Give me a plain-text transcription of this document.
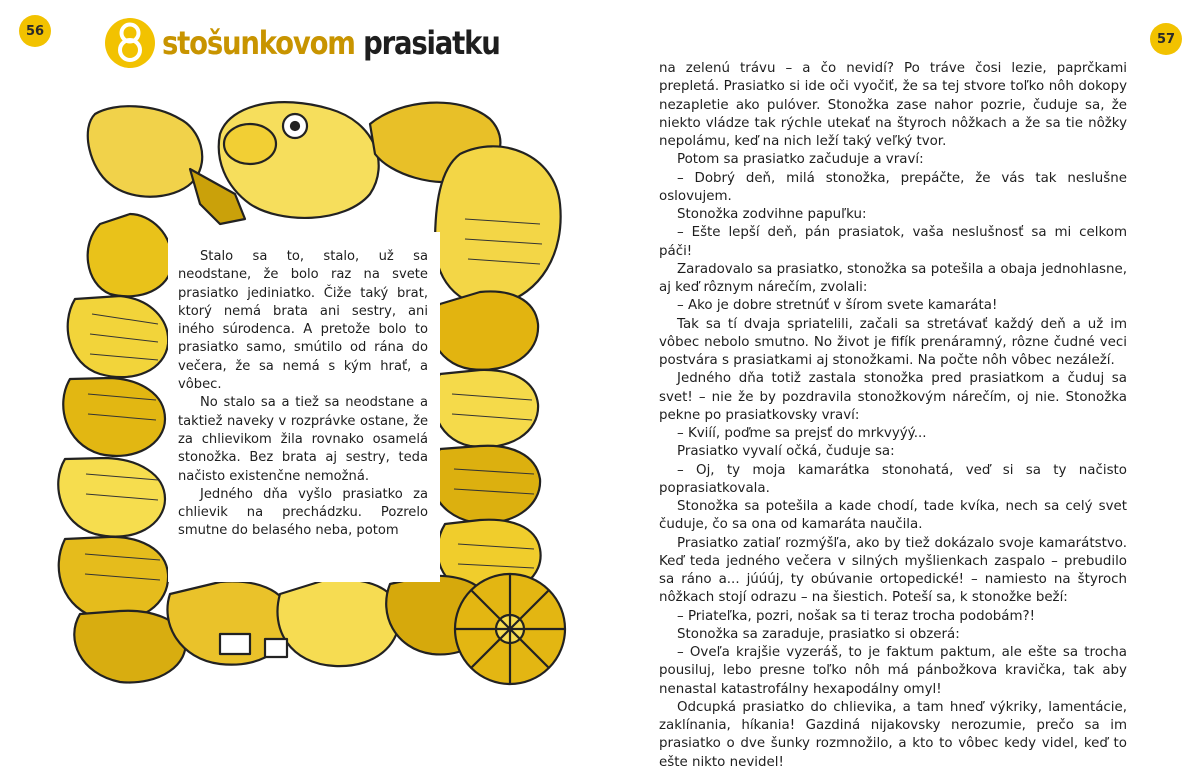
56
57
stošunkovom prasiatku

Stalo sa to, stalo, už sa neodstane, že bolo raz na svete prasiatko jediniatko. Čiže taký brat, ktorý nemá brata ani sestry, ani iného súrodenca. A pretože bolo to prasiatko samo, smútilo od rána do večera, že sa nemá s kým hrať, a vôbec.

No stalo sa a tiež sa neodstane a taktiež naveky v rozprávke ostane, že za chlievikom žila rovnako osamelá stonožka. Bez brata aj sestry, teda načisto existenčne nemožná.

Jedného dňa vyšlo prasiatko za chlievik na prechádzku. Pozrelo smutne do belasého neba, potom

na zelenú trávu – a čo nevidí? Po tráve čosi lezie, paprčkami prepletá. Prasiatko si ide oči vyočiť, že sa tej stvore toľko nôh dokopy nezapletie ako pulóver. Stonožka zase nahor pozrie, čuduje sa, že niekto vládze tak rýchle utekať na štyroch nôžkach a že sa tie nôžky nepolámu, keď na nich leží taký veľký tvor.

Potom sa prasiatko začuduje a vraví:

– Dobrý deň, milá stonožka, prepáčte, že vás tak neslušne oslovujem.

Stonožka zodvihne papuľku:

– Ešte lepší deň, pán prasiatok, vaša neslušnosť sa mi celkom páči!

Zaradovalo sa prasiatko, stonožka sa potešila a obaja jednohlasne, aj keď rôznym nárečím, zvolali:

– Ako je dobre stretnúť v šírom svete kamaráta!

Tak sa tí dvaja spriatelili, začali sa stretávať každý deň a už im vôbec nebolo smutno. No život je fifík prenáramný, rôzne čudné veci postvára s prasiatkami aj stonožkami. Na počte nôh vôbec nezáleží.

Jedného dňa totiž zastala stonožka pred prasiatkom a čuduj sa svet! – nie že by pozdravila stonožkovým nárečím, oj nie. Stonožka pekne po prasiatkovsky vraví:

– Kviíí, poďme sa prejsť do mrkvyýý...

Prasiatko vyvalí očká, čuduje sa:

– Oj, ty moja kamarátka stonohatá, veď si sa ty načisto poprasiatkovala.

Stonožka sa potešila a kade chodí, tade kvíka, nech sa celý svet čuduje, čo sa ona od kamaráta naučila.

Prasiatko zatiaľ rozmýšľa, ako by tiež dokázalo svoje kamarátstvo. Keď teda jedného večera v silných myšlienkach zaspalo – prebudilo sa ráno a... júúúj, ty obúvanie ortopedické! – namiesto na štyroch nôžkach stojí odrazu – na šiestich. Poteší sa, k stonožke beží:

– Priateľka, pozri, nošak sa ti teraz trocha podobám?!

Stonožka sa zaraduje, prasiatko si obzerá:

– Oveľa krajšie vyzeráš, to je faktum paktum, ale ešte sa trocha pousiluj, lebo presne toľko nôh má pánbožkova kravička, tak aby nenastal katastrofálny hexapodálny omyl!

Odcupká prasiatko do chlievika, a tam hneď výkriky, lamentácie, zaklínania, híkania! Gazdiná nijakovsky nerozumie, prečo sa im prasiatko o dve šunky rozmnožilo, a kto to vôbec kedy videl, keď to ešte nikto nevidel!
